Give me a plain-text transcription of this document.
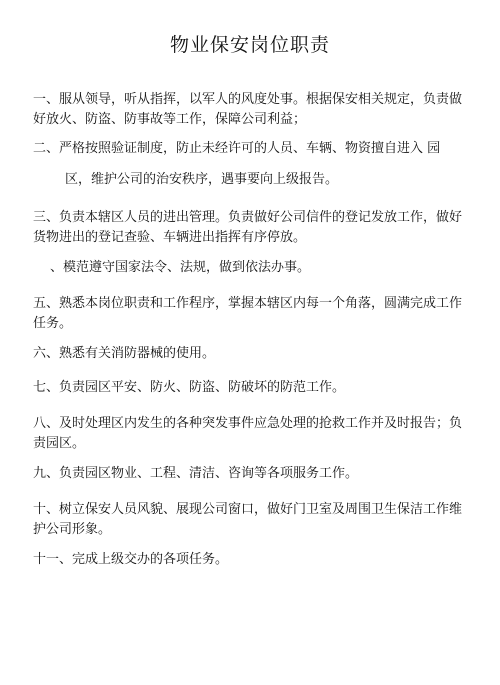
物业保安岗位职责
一、服从领导，听从指挥，以军人的风度处事。根据保安相关规定，负责做好放火、防盗、防事故等工作，保障公司利益；
二、严格按照验证制度，防止未经许可的人员、车辆、物资擅自进入 园
区，维护公司的治安秩序，遇事要向上级报告。
三、负责本辖区人员的进出管理。负责做好公司信件的登记发放工作，做好货物进出的登记查验、车辆进出指挥有序停放。
、模范遵守国家法令、法规，做到依法办事。
五、熟悉本岗位职责和工作程序，掌握本辖区内每一个角落，圆满完成工作任务。
六、熟悉有关消防器械的使用。
七、负责园区平安、防火、防盗、防破坏的防范工作。
八、及时处理区内发生的各种突发事件应急处理的抢救工作并及时报告；负责园区。
九、负责园区物业、工程、清洁、咨询等各项服务工作。
十、树立保安人员风貌、展现公司窗口，做好门卫室及周围卫生保洁工作维护公司形象。
十一、完成上级交办的各项任务。
